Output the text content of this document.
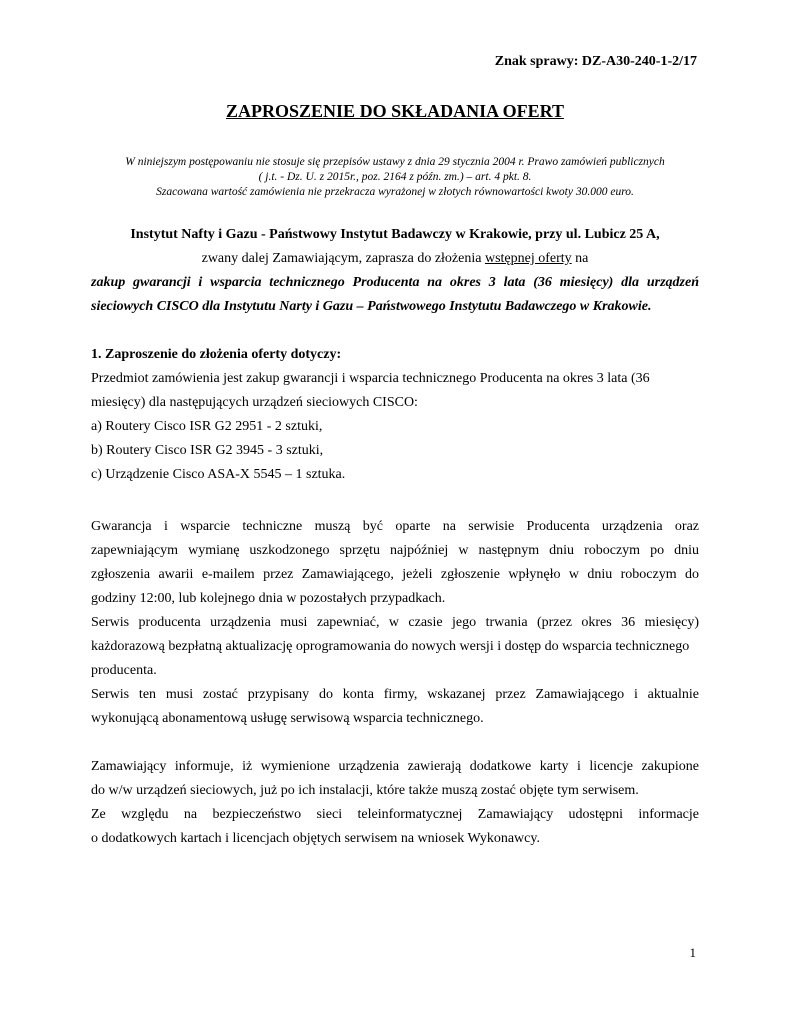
Znak sprawy: DZ-A30-240-1-2/17
ZAPROSZENIE DO SKŁADANIA OFERT
W niniejszym postępowaniu nie stosuje się przepisów ustawy z dnia 29 stycznia 2004 r. Prawo zamówień publicznych
( j.t. - Dz. U. z 2015r., poz. 2164 z późn. zm.) – art. 4 pkt. 8.
Szacowana wartość zamówienia nie przekracza wyrażonej w złotych równowartości kwoty 30.000 euro.
Instytut Nafty i Gazu - Państwowy Instytut Badawczy w Krakowie, przy ul. Lubicz 25 A,
zwany dalej Zamawiającym, zaprasza do złożenia wstępnej oferty na
zakup gwarancji i wsparcia technicznego Producenta na okres 3 lata (36 miesięcy) dla urządzeń
sieciowych CISCO dla Instytutu Narty i Gazu – Państwowego Instytutu Badawczego w Krakowie.
1. Zaproszenie do złożenia oferty dotyczy:
Przedmiot zamówienia jest zakup gwarancji i wsparcia technicznego Producenta na okres 3 lata (36
miesięcy) dla następujących urządzeń sieciowych CISCO:
a) Routery Cisco ISR G2 2951 - 2 sztuki,
b) Routery Cisco ISR G2 3945 - 3 sztuki,
c) Urządzenie Cisco ASA-X 5545 – 1 sztuka.
Gwarancja i wsparcie techniczne muszą być oparte na serwisie Producenta urządzenia oraz
zapewniającym wymianę uszkodzonego sprzętu najpóźniej w następnym dniu roboczym po dniu
zgłoszenia awarii e-mailem przez Zamawiającego, jeżeli zgłoszenie wpłynęło w dniu roboczym do
godziny 12:00, lub kolejnego dnia w pozostałych przypadkach.
Serwis producenta urządzenia musi zapewniać, w czasie jego trwania (przez okres 36 miesięcy)
każdorazową bezpłatną aktualizację oprogramowania do nowych wersji i dostęp do wsparcia technicznego
producenta.
Serwis ten musi zostać przypisany do konta firmy, wskazanej przez Zamawiającego i aktualnie
wykonującą abonamentową usługę serwisową wsparcia technicznego.
Zamawiający informuje, iż wymienione urządzenia zawierają dodatkowe karty i licencje zakupione
do w/w urządzeń sieciowych, już po ich instalacji, które także muszą zostać objęte tym serwisem.
Ze względu na bezpieczeństwo sieci teleinformatycznej Zamawiający udostępni informacje
o dodatkowych kartach i licencjach objętych serwisem na wniosek Wykonawcy.
1
